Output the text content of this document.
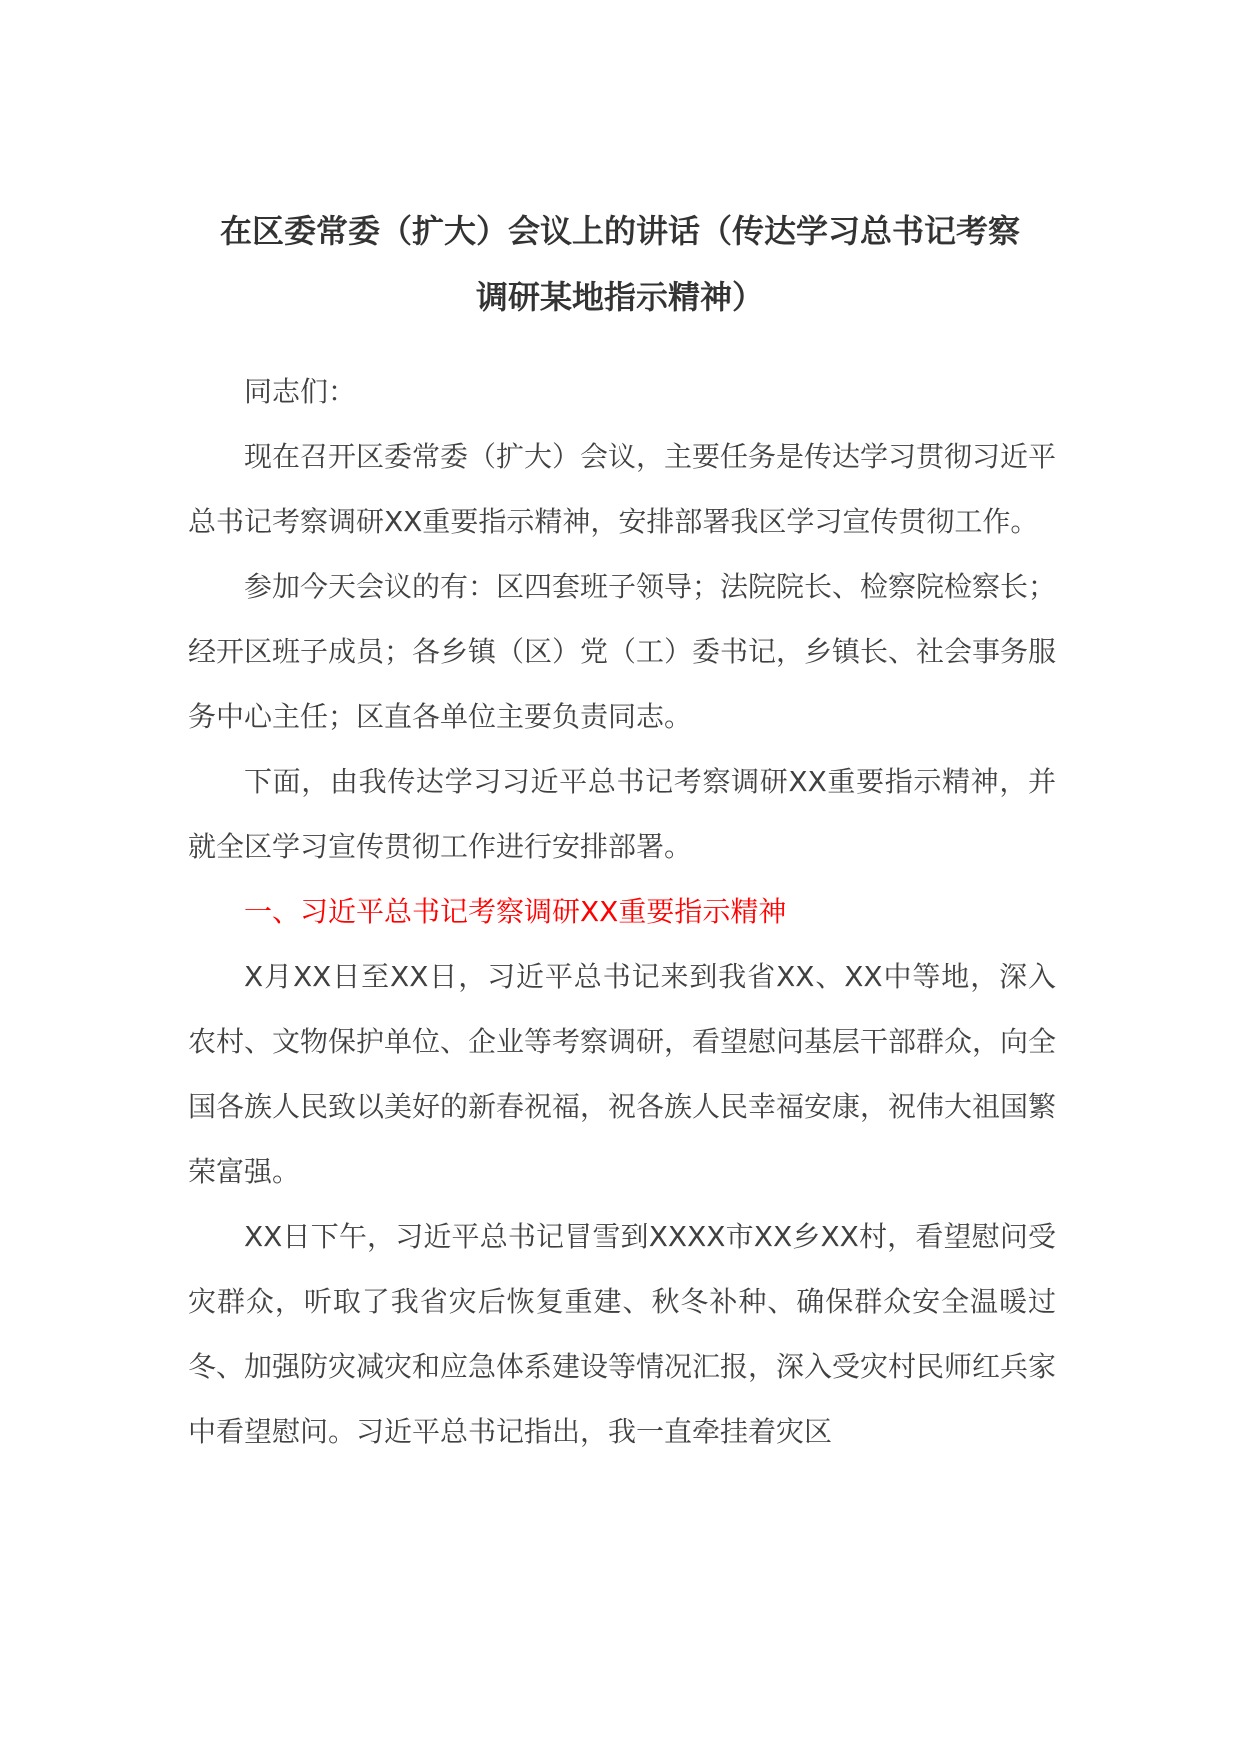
在区委常委（扩大）会议上的讲话（传达学习总书记考察
调研某地指示精神）

同志们：

现在召开区委常委（扩大）会议，主要任务是传达学习贯彻习近平总书记考察调研XX重要指示精神，安排部署我区学习宣传贯彻工作。

参加今天会议的有：区四套班子领导；法院院长、检察院检察长；经开区班子成员；各乡镇（区）党（工）委书记，乡镇长、社会事务服务中心主任；区直各单位主要负责同志。

下面，由我传达学习习近平总书记考察调研XX重要指示精神，并就全区学习宣传贯彻工作进行安排部署。

一、习近平总书记考察调研XX重要指示精神

X月XX日至XX日，习近平总书记来到我省XX、XX中等地，深入农村、文物保护单位、企业等考察调研，看望慰问基层干部群众，向全国各族人民致以美好的新春祝福，祝各族人民幸福安康，祝伟大祖国繁荣富强。

XX日下午，习近平总书记冒雪到XXXX市XX乡XX村，看望慰问受灾群众，听取了我省灾后恢复重建、秋冬补种、确保群众安全温暖过冬、加强防灾减灾和应急体系建设等情况汇报，深入受灾村民师红兵家中看望慰问。习近平总书记指出，我一直牵挂着灾区
